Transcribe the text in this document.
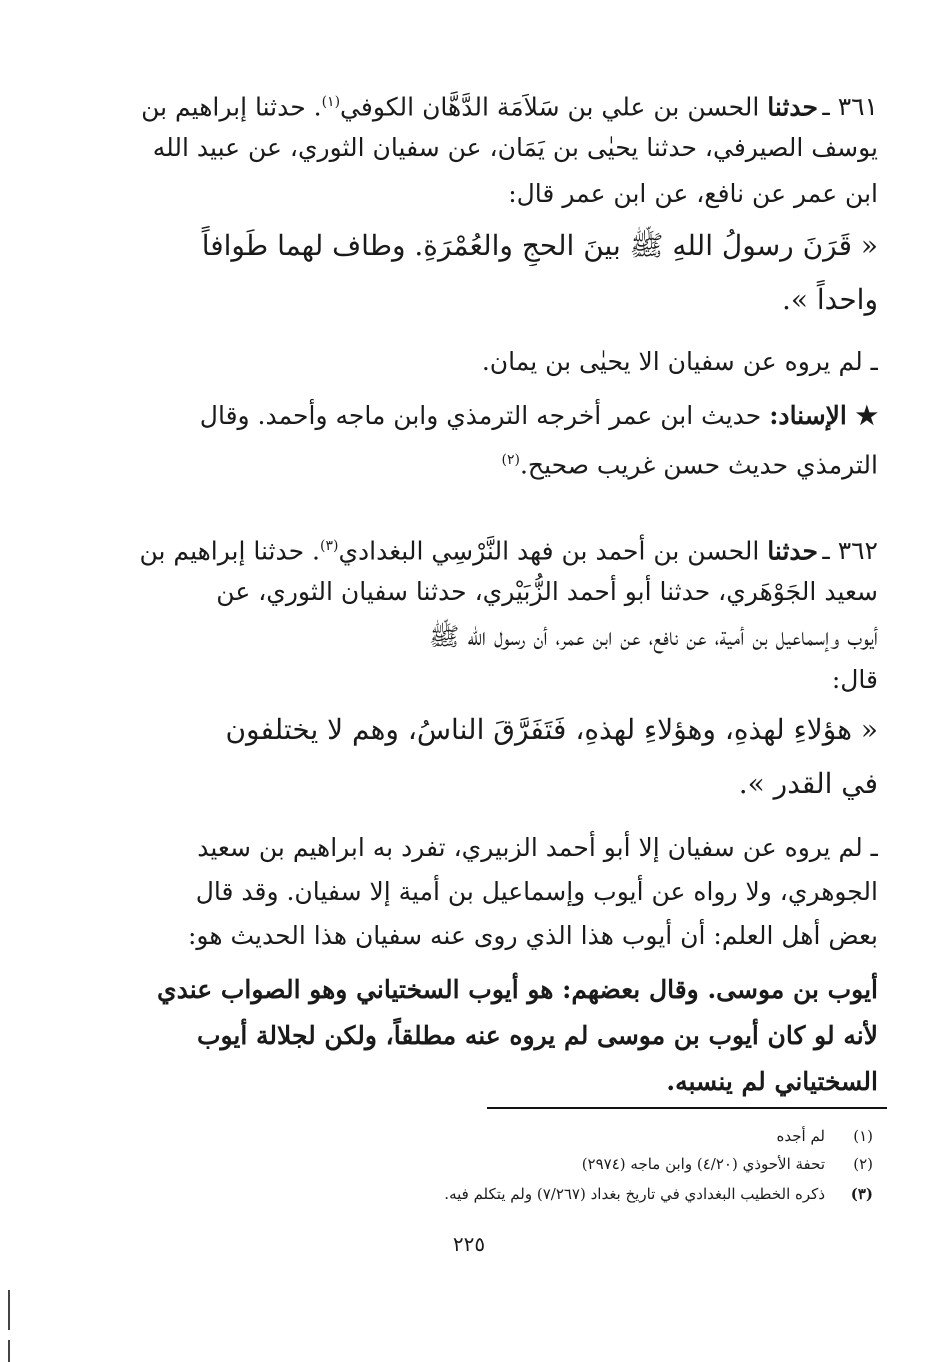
٣٦١ ـحدثنا الحسن بن علي بن سَلاَمَة الدَّهَّان الكوفي$^{(١)}$. حدثنا إبراهيم بن
يوسف الصيرفي، حدثنا يحيٰى بن يَمَان، عن سفيان الثوري، عن عبيد الله
ابن عمر عن نافع، عن ابن عمر قال:
« قَرَنَ رسولُ اللهِ ﷺ بينَ الحجِ والعُمْرَةِ. وطاف لهما طَوافاً
واحداً ».
ـ لم يروه عن سفيان الا يحيٰى بن يمان.
★ الإسناد: حديث ابن عمر أخرجه الترمذي وابن ماجه وأحمد. وقال
الترمذي حديث حسن غريب صحيح.$^{(٢)}$
٣٦٢ ـحدثنا الحسن بن أحمد بن فهد النَّرْسِي البغدادي$^{(٣)}$. حدثنا إبراهيم بن
سعيد الجَوْهَري، حدثنا أبو أحمد الزُّبَيْري، حدثنا سفيان الثوري، عن
أيوب وإسماعيل بن أمية، عن نافع، عن ابن عمر، أن رسول الله ﷺ
قال:
« هؤلاءِ لهذهِ، وهؤلاءِ لهذهِ، فَتَفَرَّقَ الناسُ، وهم لا يختلفون
في القدر ».
ـ لم يروه عن سفيان إلا أبو أحمد الزبيري، تفرد به ابراهيم بن سعيد
الجوهري، ولا رواه عن أيوب وإسماعيل بن أمية إلا سفيان. وقد قال
بعض أهل العلم: أن أيوب هذا الذي روى عنه سفيان هذا الحديث هو:
أيوب بن موسى. وقال بعضهم: هو أيوب السختياني وهو الصواب عندي
لأنه لو كان أيوب بن موسى لم يروه عنه مطلقاً، ولكن لجلالة أيوب
السختياني لم ينسبه.
(١)لم أجده
(٢)تحفة الأحوذي (٤/٢٠) وابن ماجه (٢٩٧٤)
(٣)ذكره الخطيب البغدادي في تاريخ بغداد (٧/٢٦٧) ولم يتكلم فيه.
٢٢٥
